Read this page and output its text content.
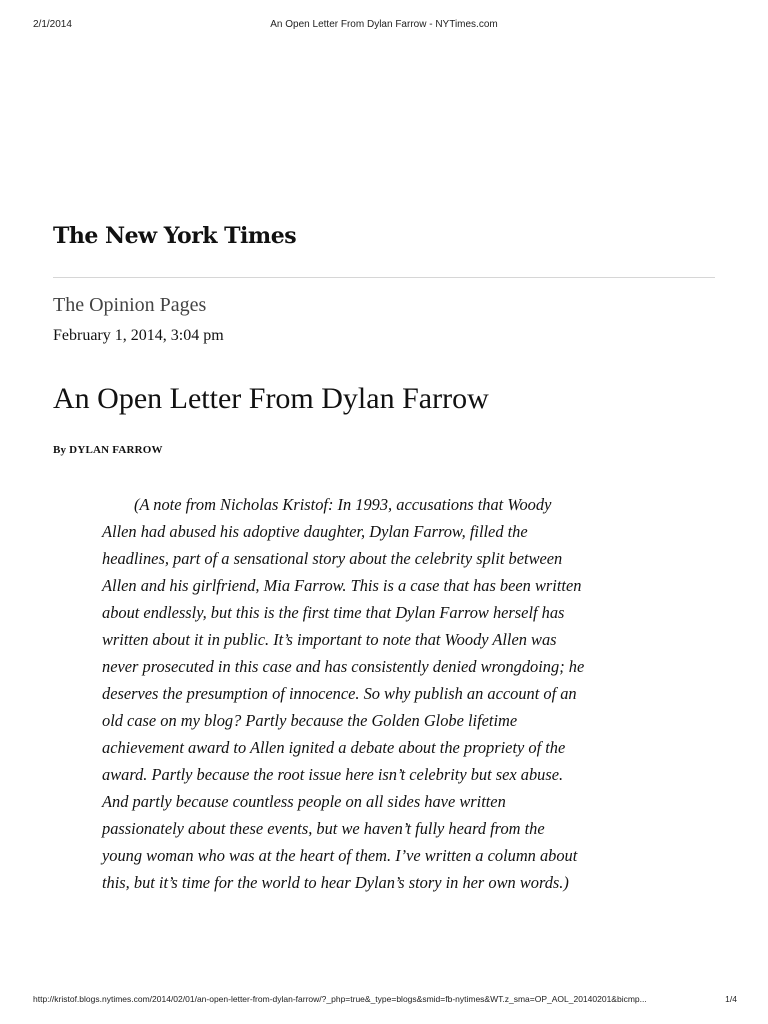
2/1/2014	An Open Letter From Dylan Farrow - NYTimes.com
The New York Times
The Opinion Pages
February 1, 2014, 3:04 pm
An Open Letter From Dylan Farrow
By DYLAN FARROW
(A note from Nicholas Kristof: In 1993, accusations that Woody
Allen had abused his adoptive daughter, Dylan Farrow, filled the
headlines, part of a sensational story about the celebrity split between
Allen and his girlfriend, Mia Farrow. This is a case that has been written
about endlessly, but this is the first time that Dylan Farrow herself has
written about it in public. It’s important to note that Woody Allen was
never prosecuted in this case and has consistently denied wrongdoing; he
deserves the presumption of innocence. So why publish an account of an
old case on my blog? Partly because the Golden Globe lifetime
achievement award to Allen ignited a debate about the propriety of the
award. Partly because the root issue here isn’t celebrity but sex abuse.
And partly because countless people on all sides have written
passionately about these events, but we haven’t fully heard from the
young woman who was at the heart of them. I’ve written a column about
this, but it’s time for the world to hear Dylan’s story in her own words.)
http://kristof.blogs.nytimes.com/2014/02/01/an-open-letter-from-dylan-farrow/?_php=true&_type=blogs&smid=fb-nytimes&WT.z_sma=OP_AOL_20140201&bicmp...	1/4
